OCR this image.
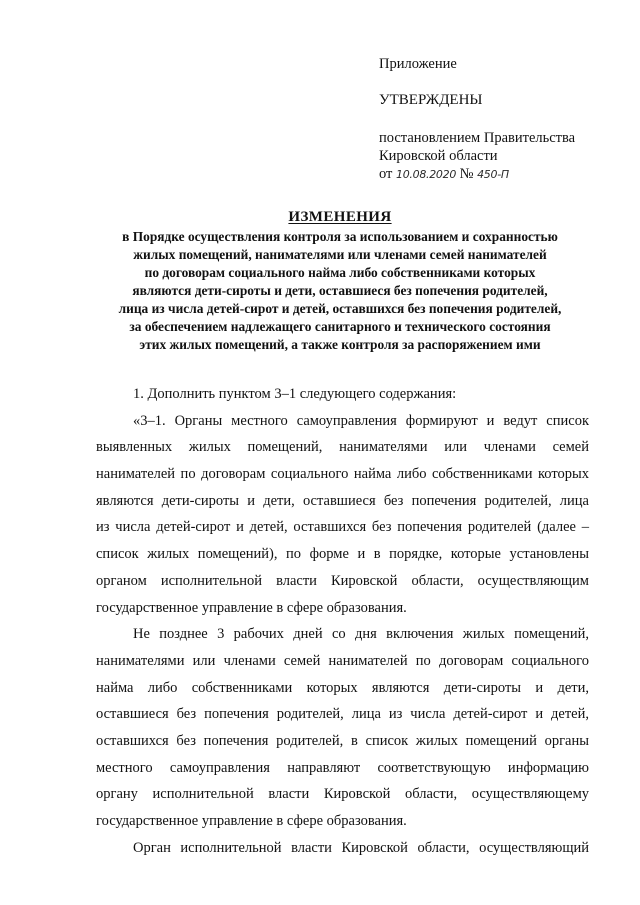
Приложение
УТВЕРЖДЕНЫ
постановлением Правительства
Кировской области
от 10.08.2020 № 450-П
ИЗМЕНЕНИЯ
в Порядке осуществления контроля за использованием и сохранностью
жилых помещений, нанимателями или членами семей нанимателей
по договорам социального найма либо собственниками которых
являются дети-сироты и дети, оставшиеся без попечения родителей,
лица из числа детей-сирот и детей, оставшихся без попечения родителей,
за обеспечением надлежащего санитарного и технического состояния
этих жилых помещений, а также контроля за распоряжением ими
1. Дополнить пунктом 3–1 следующего содержания:
«3–1. Органы местного самоуправления формируют и ведут список
выявленных жилых помещений, нанимателями или членами семей
нанимателей по договорам социального найма либо собственниками которых
являются дети-сироты и дети, оставшиеся без попечения родителей, лица
из числа детей-сирот и детей, оставшихся без попечения родителей (далее –
список жилых помещений), по форме и в порядке, которые установлены
органом исполнительной власти Кировской области, осуществляющим
государственное управление в сфере образования.
Не позднее 3 рабочих дней со дня включения жилых помещений,
нанимателями или членами семей нанимателей по договорам социального
найма либо собственниками которых являются дети-сироты и дети,
оставшиеся без попечения родителей, лица из числа детей-сирот и детей,
оставшихся без попечения родителей, в список жилых помещений органы
местного самоуправления направляют соответствующую информацию
органу исполнительной власти Кировской области, осуществляющему
государственное управление в сфере образования.
Орган исполнительной власти Кировской области, осуществляющий
